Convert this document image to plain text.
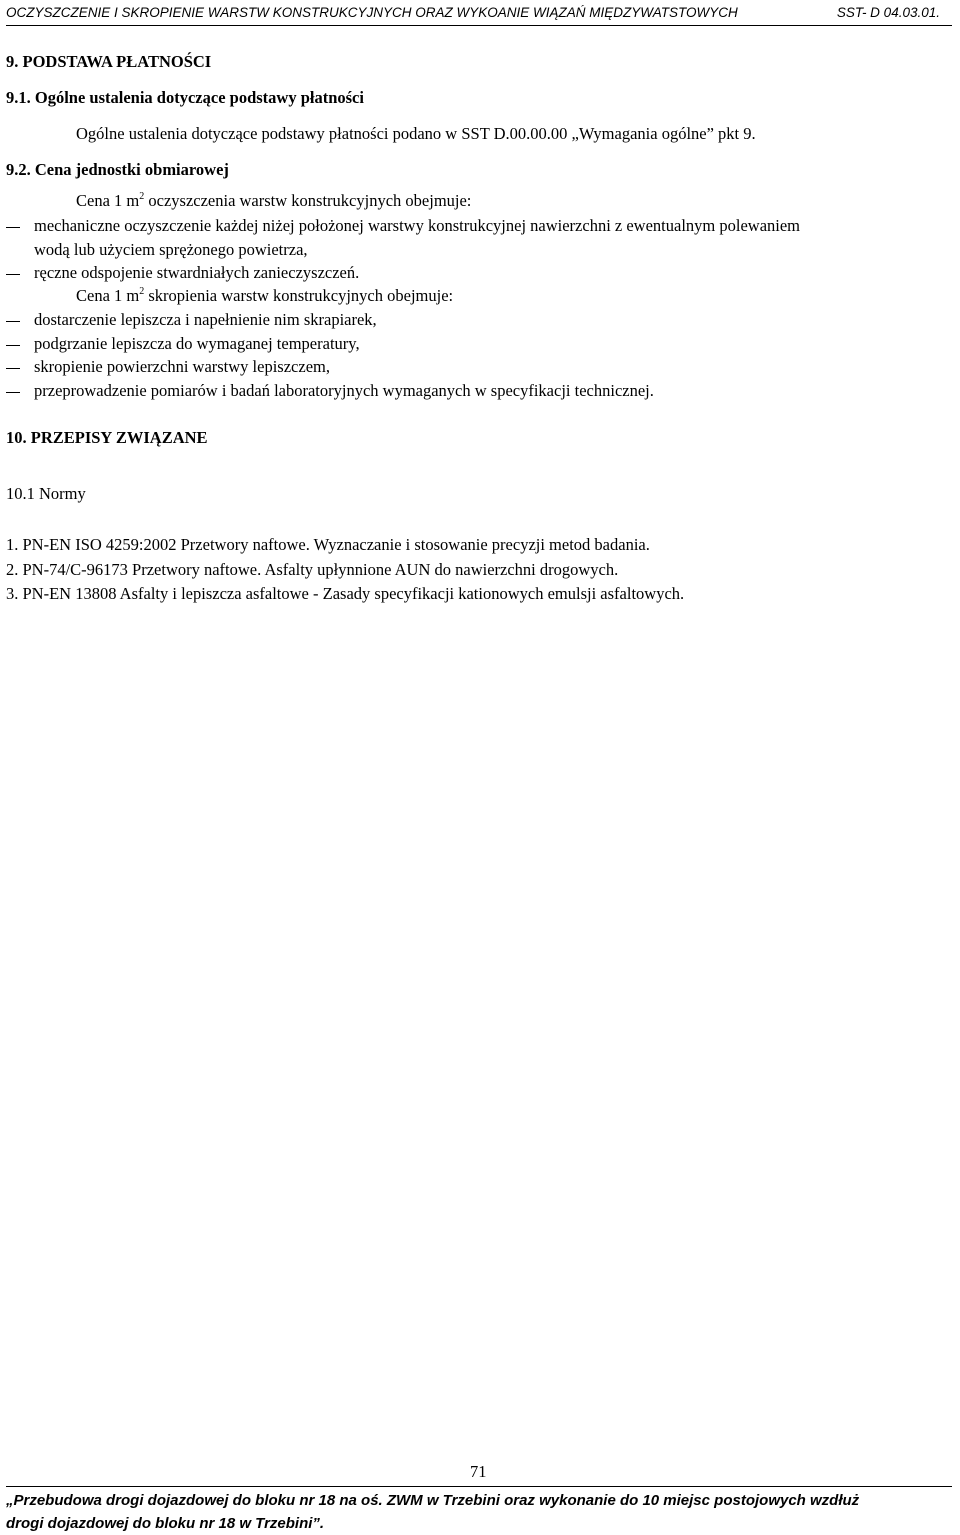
OCZYSZCZENIE I SKROPIENIE WARSTW KONSTRUKCYJNYCH ORAZ WYKOANIE WIĄZAŃ MIĘDZYWATSTOWYCH	SST- D 04.03.01.
9. PODSTAWA PŁATNOŚCI
9.1. Ogólne ustalenia dotyczące podstawy płatności
Ogólne ustalenia dotyczące podstawy płatności podano w SST D.00.00.00 „Wymagania ogólne” pkt 9.
9.2. Cena jednostki obmiarowej
Cena 1 $m^2$ oczyszczenia warstw konstrukcyjnych obejmuje:
mechaniczne oczyszczenie każdej niżej położonej warstwy konstrukcyjnej nawierzchni z ewentualnym polewaniem
wodą lub użyciem sprężonego powietrza,
ręczne odspojenie stwardniałych zanieczyszczeń.
Cena 1 $m^2$ skropienia warstw konstrukcyjnych obejmuje:
dostarczenie lepiszcza i napełnienie nim skrapiarek,
podgrzanie lepiszcza do wymaganej temperatury,
skropienie powierzchni warstwy lepiszczem,
przeprowadzenie pomiarów i badań laboratoryjnych wymaganych w specyfikacji technicznej.
10. PRZEPISY ZWIĄZANE
10.1 Normy
1. PN-EN ISO 4259:2002 Przetwory naftowe. Wyznaczanie i stosowanie precyzji metod badania.
2. PN-74/C-96173 Przetwory naftowe. Asfalty upłynnione AUN do nawierzchni drogowych.
3. PN-EN 13808 Asfalty i lepiszcza asfaltowe - Zasady specyfikacji kationowych emulsji asfaltowych.
71
„Przebudowa drogi dojazdowej do bloku nr 18 na oś. ZWM w Trzebini oraz wykonanie do 10 miejsc postojowych wzdłuż
drogi dojazdowej do bloku nr 18 w Trzebini”.
